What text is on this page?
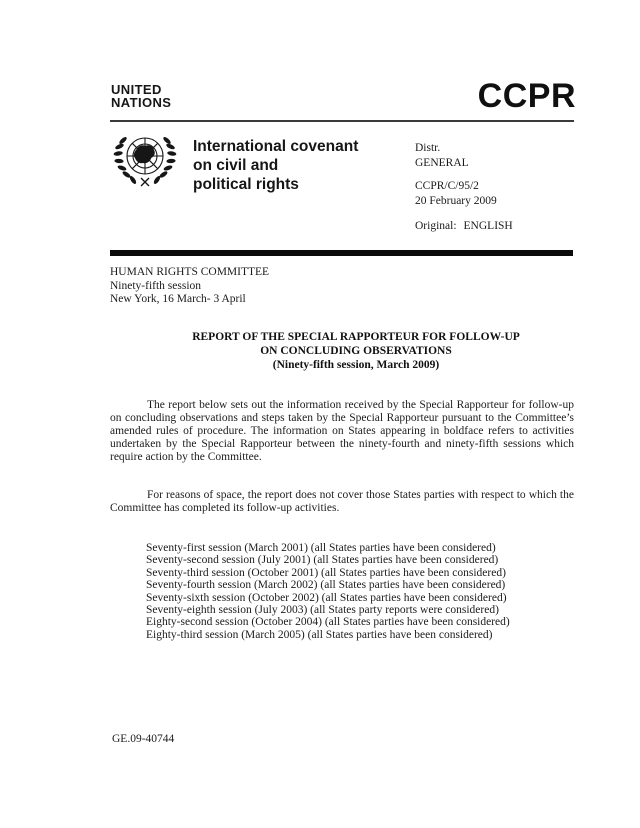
UNITED
NATIONS	CCPR
International covenant
on civil and
political rights
Distr.
GENERAL
CCPR/C/95/2
20 February 2009
Original: ENGLISH
HUMAN RIGHTS COMMITTEE
Ninety-fifth session
New York, 16 March- 3 April
REPORT OF THE SPECIAL RAPPORTEUR FOR FOLLOW-UP
ON CONCLUDING OBSERVATIONS
(Ninety-fifth session, March 2009)
The report below sets out the information received by the Special Rapporteur for follow-up on concluding observations and steps taken by the Special Rapporteur pursuant to the Committee’s amended rules of procedure. The information on States appearing in boldface refers to activities undertaken by the Special Rapporteur between the ninety-fourth and ninety-fifth sessions which require action by the Committee.
For reasons of space, the report does not cover those States parties with respect to which the Committee has completed its follow-up activities.
Seventy-first session (March 2001) (all States parties have been considered)
Seventy-second session (July 2001) (all States parties have been considered)
Seventy-third session (October 2001) (all States parties have been considered)
Seventy-fourth session (March 2002) (all States parties have been considered)
Seventy-sixth session (October 2002) (all States parties have been considered)
Seventy-eighth session (July 2003) (all States party reports were considered)
Eighty-second session (October 2004) (all States parties have been considered)
Eighty-third session (March 2005) (all States parties have been considered)
GE.09-40744
